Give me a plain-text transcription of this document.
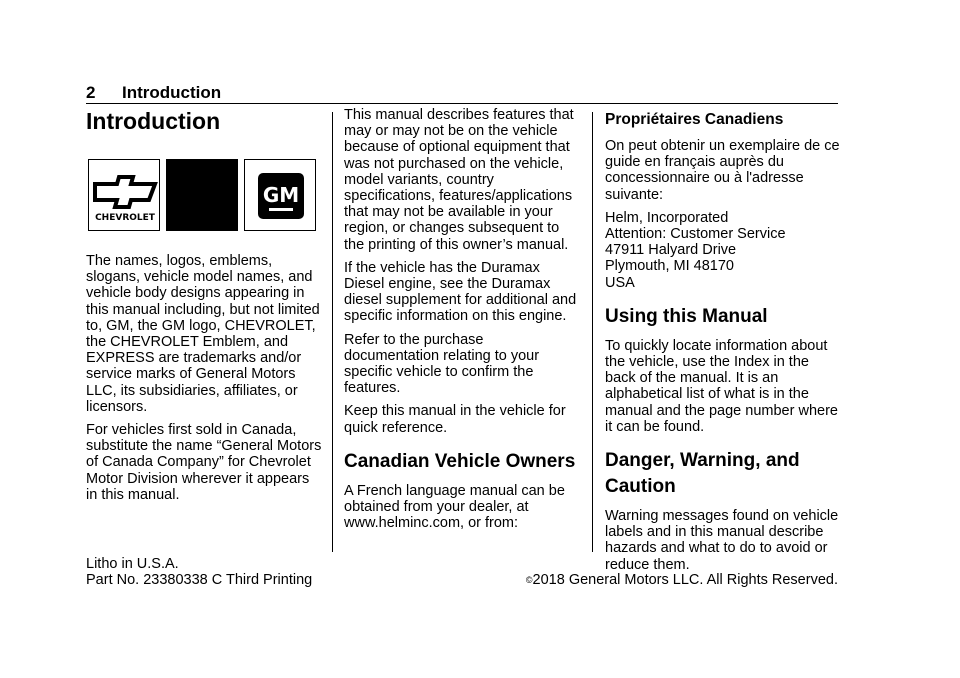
2 Introduction
Introduction
CHEVROLET
GM

The names, logos, emblems, slogans, vehicle model names, and vehicle body designs appearing in this manual including, but not limited to, GM, the GM logo, CHEVROLET, the CHEVROLET Emblem, and EXPRESS are trademarks and/or service marks of General Motors LLC, its subsidiaries, affiliates, or licensors.

For vehicles first sold in Canada, substitute the name “General Motors of Canada Company” for Chevrolet Motor Division wherever it appears in this manual.

This manual describes features that may or may not be on the vehicle because of optional equipment that was not purchased on the vehicle, model variants, country specifications, features/applications that may not be available in your region, or changes subsequent to the printing of this owner’s manual.

If the vehicle has the Duramax Diesel engine, see the Duramax diesel supplement for additional and specific information on this engine.

Refer to the purchase documentation relating to your specific vehicle to confirm the features.

Keep this manual in the vehicle for quick reference.

Canadian Vehicle Owners

A French language manual can be obtained from your dealer, at www.helminc.com, or from:

Propriétaires Canadiens

On peut obtenir un exemplaire de ce guide en français auprès du concessionnaire ou à l'adresse suivante:

Helm, Incorporated
Attention: Customer Service
47911 Halyard Drive
Plymouth, MI 48170
USA

Using this Manual

To quickly locate information about the vehicle, use the Index in the back of the manual. It is an alphabetical list of what is in the manual and the page number where it can be found.

Danger, Warning, and Caution

Warning messages found on vehicle labels and in this manual describe hazards and what to do to avoid or reduce them.

Litho in U.S.A.
Part No. 23380338 C Third Printing	©2018 General Motors LLC. All Rights Reserved.
